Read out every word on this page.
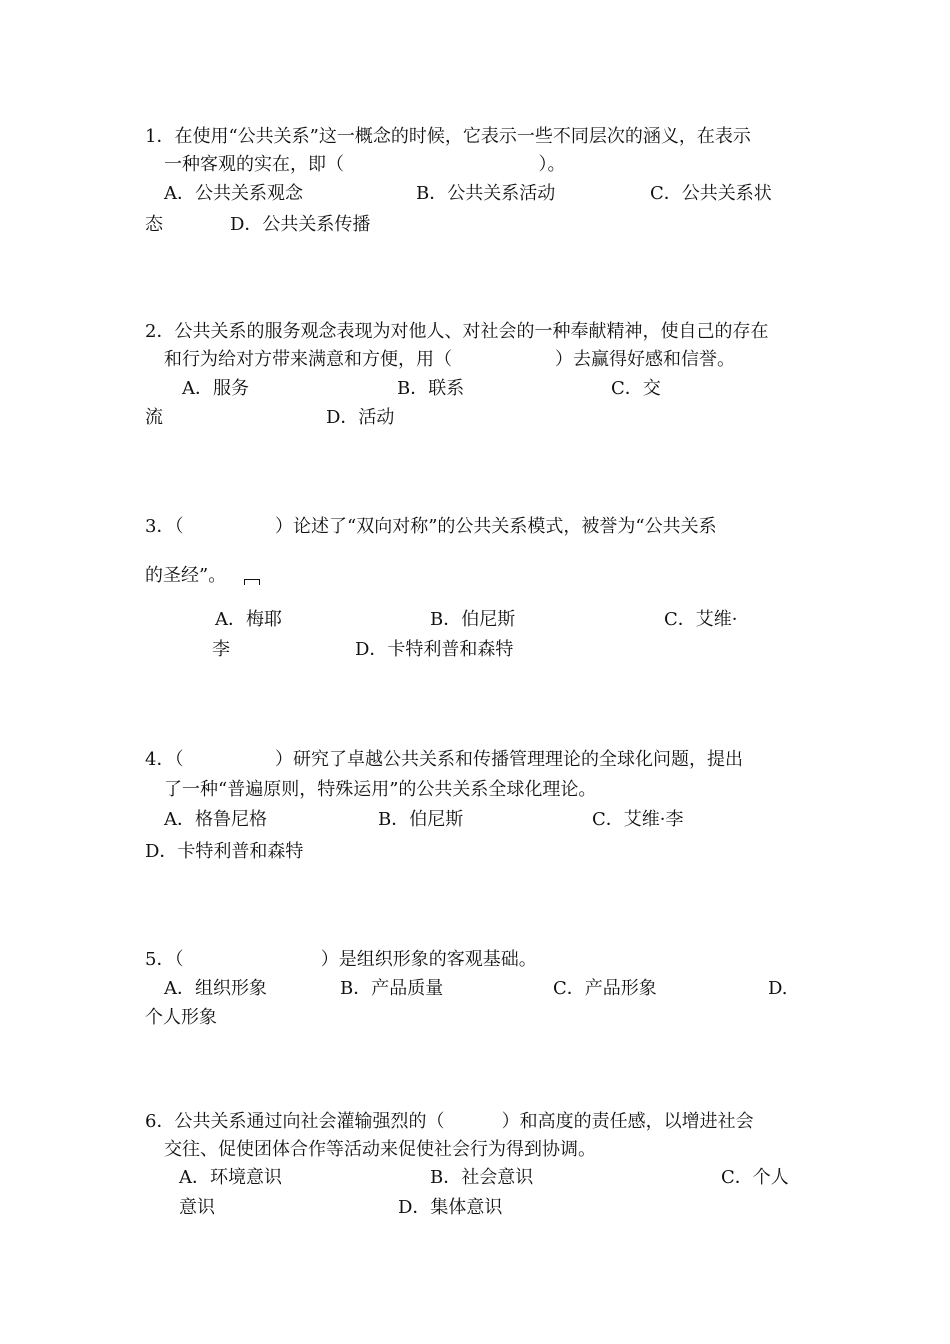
1．在使用“公共关系”这一概念的时候，它表示一些不同层次的涵义，在表示
一种客观的实在，即（                                  ）。
A．公共关系观念	B．公共关系活动	C．公共关系状
态	D．公共关系传播
2．公共关系的服务观念表现为对他人、对社会的一种奉献精神，使自己的存在
和行为给对方带来满意和方便，用（                  ）去赢得好感和信誉。
A．服务	B．联系	C．交
流	D．活动
3．（                ）论述了“双向对称”的公共关系模式，被誉为“公共关系
的圣经”。
A．梅耶	B．伯尼斯	C．艾维·
李	D．卡特利普和森特
4．（                ）研究了卓越公共关系和传播管理理论的全球化问题，提出
了一种“普遍原则，特殊运用”的公共关系全球化理论。
A．格鲁尼格	B．伯尼斯	C．艾维·李
D．卡特利普和森特
5．（                        ）是组织形象的客观基础。
A．组织形象	B．产品质量	C．产品形象	D.
个人形象
6．公共关系通过向社会灌输强烈的（          ）和高度的责任感，以增进社会
交往、促使团体合作等活动来促使社会行为得到协调。
A．环境意识	B．社会意识	C．个人
意识	D．集体意识
